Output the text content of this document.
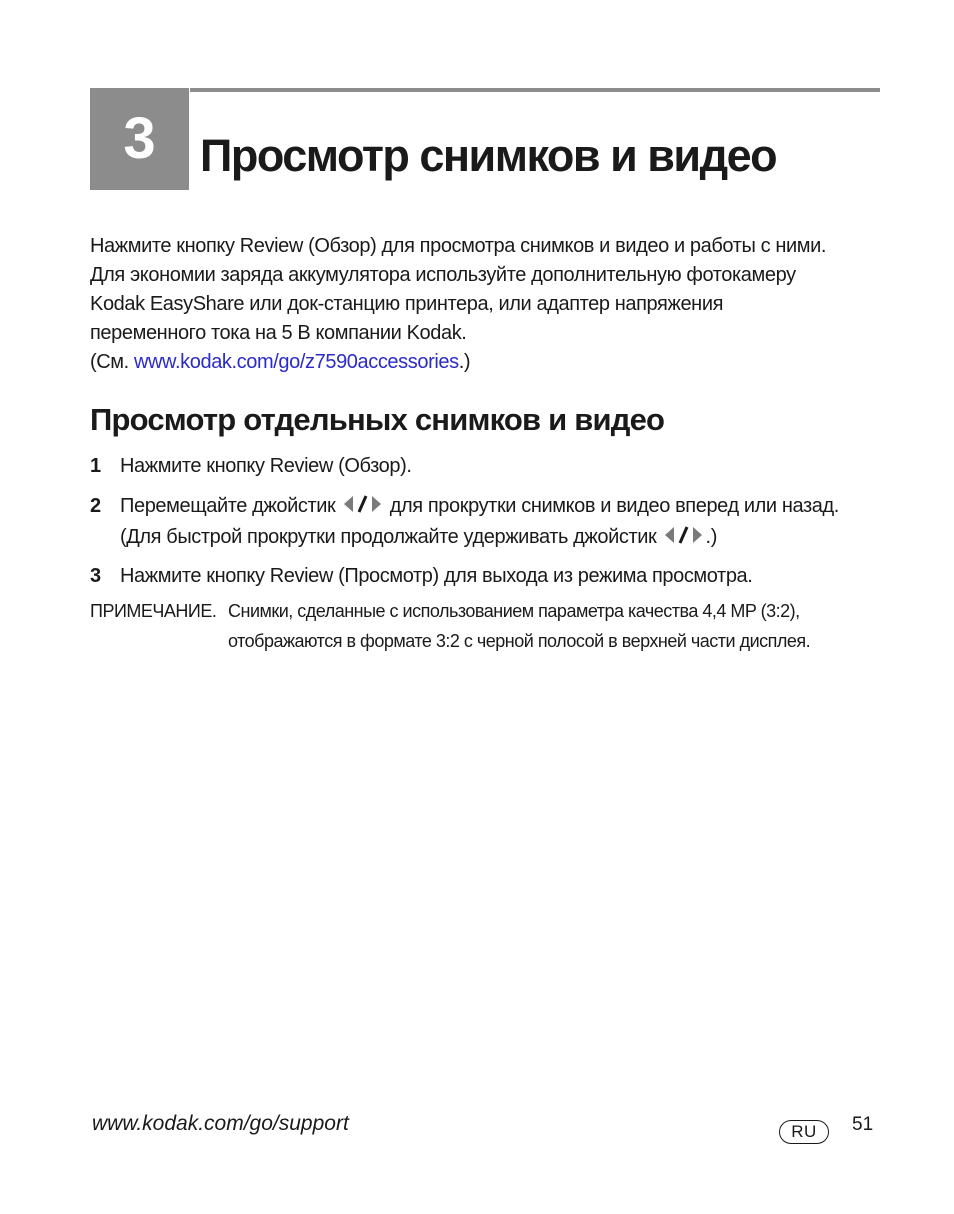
3 Просмотр снимков и видео

Нажмите кнопку Review (Обзор) для просмотра снимков и видео и работы с ними.

Для экономии заряда аккумулятора используйте дополнительную фотокамеру

Kodak EasyShare или док-станцию принтера, или адаптер напряжения

переменного тока на 5 В компании Kodak.

(См. www.kodak.com/go/z7590accessories.)

Просмотр отдельных снимков и видео
1 Нажмите кнопку Review (Обзор).
2 Перемещайте джойстик  для прокрутки снимков и видео вперед или назад.
(Для быстрой прокрутки продолжайте удерживать джойстик .)
3 Нажмите кнопку Review (Просмотр) для выхода из режима просмотра.
ПРИМЕЧАНИЕ. Снимки, сделанные с использованием параметра качества 4,4 MP (3:2),
отображаются в формате 3:2 с черной полосой в верхней части дисплея.
www.kodak.com/go/support	RU	51
